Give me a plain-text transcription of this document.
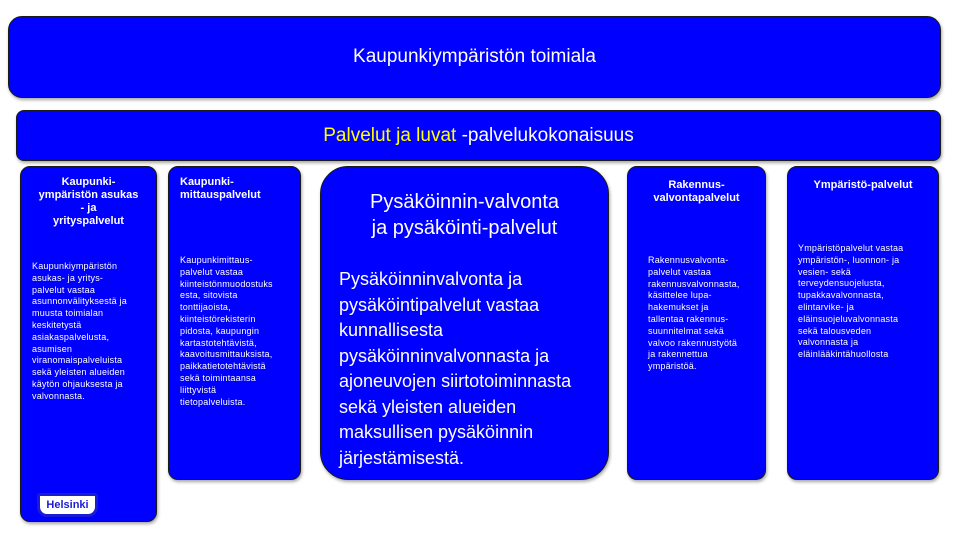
Kaupunkiympäristön toimiala
Palvelut ja luvat -palvelukokonaisuus
Kaupunki-
ympäristön asukas
- ja
yrityspalvelut
Kaupunkiympäristön
asukas- ja yritys-
palvelut vastaa
asunnonvälityksestä ja
muusta toimialan
keskitetystä
asiakaspalvelusta,
asumisen
viranomaispalveluista
sekä yleisten alueiden
käytön ohjauksesta ja
valvonnasta.
Kaupunki-
mittauspalvelut
Kaupunkimittaus-
palvelut vastaa
kiinteistönmuodostuks
esta, sitovista
tonttijaoista,
kiinteistörekisterin
pidosta, kaupungin
kartastotehtävistä,
kaavoitusmittauksista,
paikkatietotehtävistä
sekä toimintaansa
liittyvistä
tietopalveluista.
Pysäköinnin-valvonta
ja pysäköinti-palvelut
Pysäköinninvalvonta ja
pysäköintipalvelut vastaa
kunnallisesta
pysäköinninvalvonnasta ja
ajoneuvojen siirtotoiminnasta
sekä yleisten alueiden
maksullisen pysäköinnin
järjestämisestä.
Rakennus-
valvontapalvelut
Rakennusvalvonta-
palvelut vastaa
rakennusvalvonnasta,
käsittelee lupa-
hakemukset ja
tallentaa rakennus-
suunnitelmat sekä
valvoo rakennustyötä
ja rakennettua
ympäristöä.
Ympäristö-palvelut
Ympäristöpalvelut vastaa
ympäristön-, luonnon- ja
vesien- sekä
terveydensuojelusta,
tupakkavalvonnasta,
elintarvike- ja
eläinsuojeluvalvonnasta
sekä talousveden
valvonnasta ja
eläinlääkintähuollosta
Helsinki
